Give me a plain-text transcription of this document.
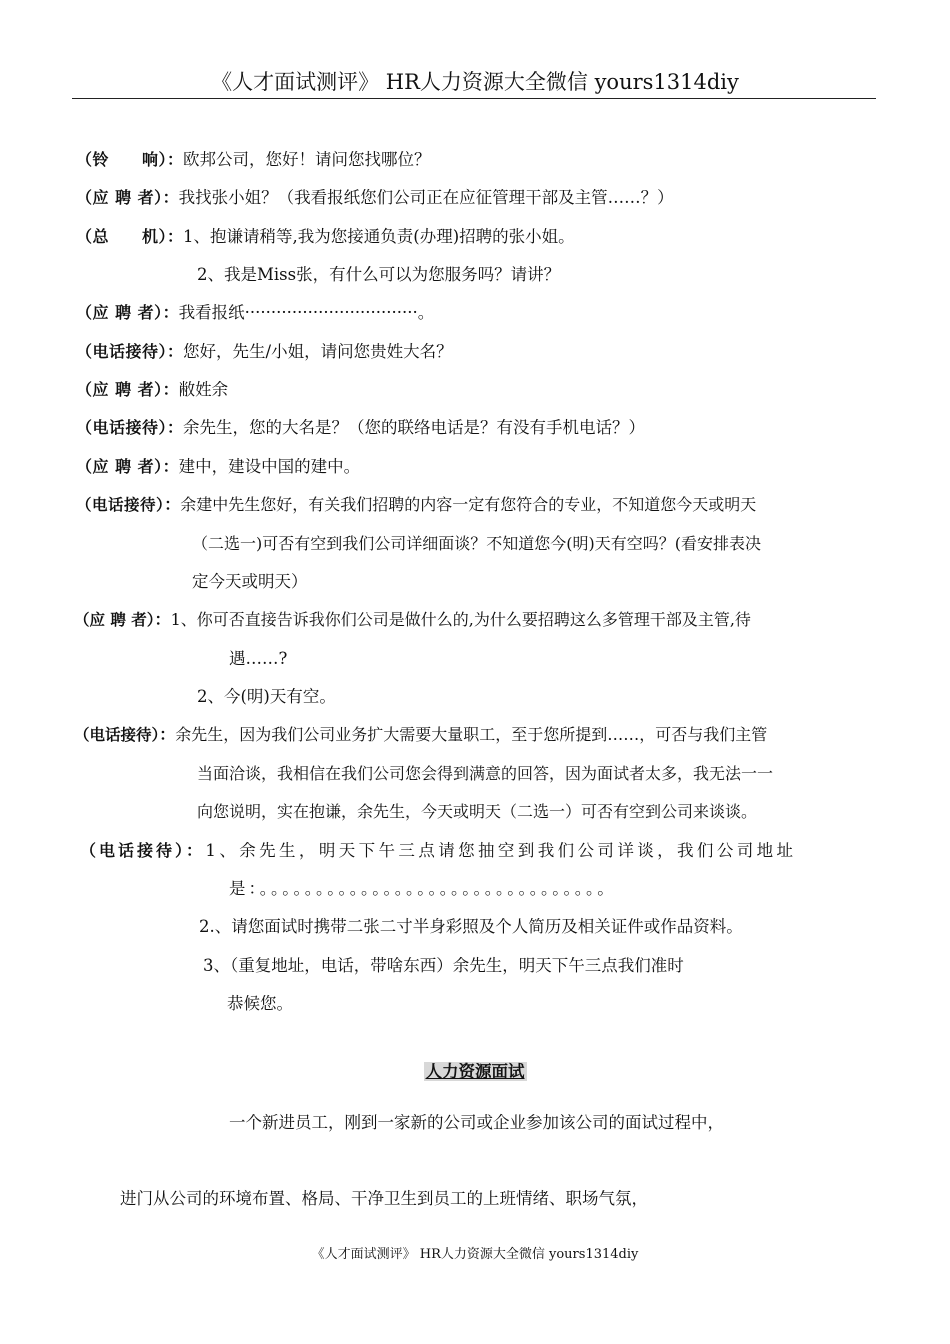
《人才面试测评》 HR人力资源大全微信 yours1314diy
（铃　　响）：欧邦公司，您好！请问您找哪位？
（应 聘 者）：我找张小姐？（我看报纸您们公司正在应征管理干部及主管……？）
（总　　机）：1、抱谦请稍等,我为您接通负责(办理)招聘的张小姐。
2、我是Miss张，有什么可以为您服务吗？请讲？
（应 聘 者）：我看报纸·································。
（电话接待）：您好，先生/小姐，请问您贵姓大名？
（应 聘 者）：敝姓余
（电话接待）：余先生，您的大名是？（您的联络电话是？有没有手机电话？）
（应 聘 者）：建中，建设中国的建中。
（电话接待）：余建中先生您好，有关我们招聘的内容一定有您符合的专业，不知道您今天或明天
（二选一)可否有空到我们公司详细面谈？不知道您今(明)天有空吗？(看安排表决
定今天或明天）
（应 聘 者）：1、你可否直接告诉我你们公司是做什么的,为什么要招聘这么多管理干部及主管,待
遇……?
2、今(明)天有空。
（电话接待）：余先生，因为我们公司业务扩大需要大量职工，至于您所提到……，可否与我们主管
当面洽谈，我相信在我们公司您会得到满意的回答，因为面试者太多，我无法一一
向您说明，实在抱谦，余先生，今天或明天（二选一）可否有空到公司来谈谈。
（电话接待）：1、余先生，明天下午三点请您抽空到我们公司详谈，我们公司地址
是：。。。。。。。。。。。。。。。。。。。。。。。。。。。。。。。
2.、请您面试时携带二张二寸半身彩照及个人简历及相关证件或作品资料。
3、（重复地址，电话，带啥东西）余先生，明天下午三点我们准时
恭候您。
人力资源面试
一个新进员工，刚到一家新的公司或企业参加该公司的面试过程中，
进门从公司的环境布置、格局、干净卫生到员工的上班情绪、职场气氛，
《人才面试测评》 HR人力资源大全微信 yours1314diy
